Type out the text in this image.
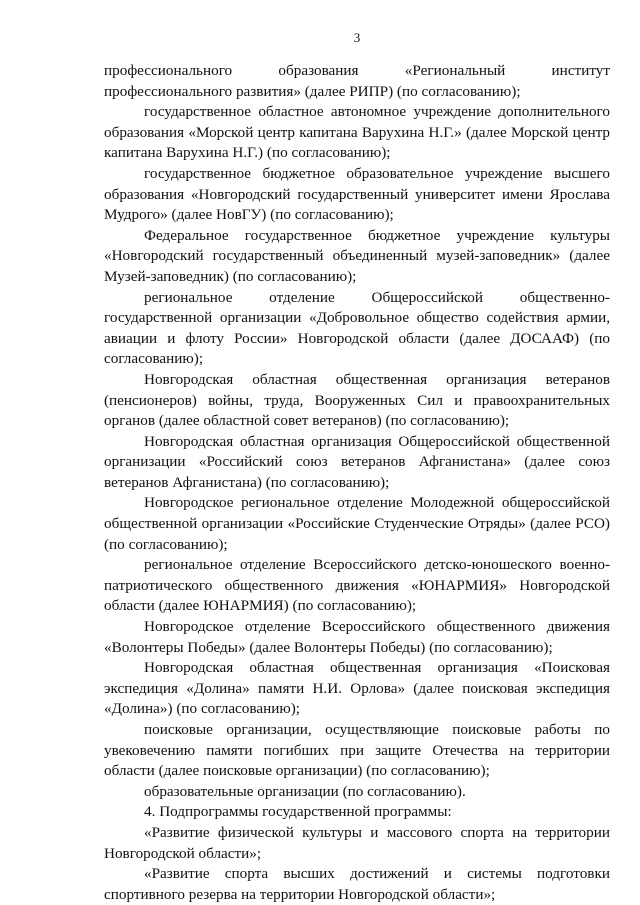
3

профессионального образования «Региональный институт профессионального развития» (далее РИПР) (по согласованию);

государственное областное автономное учреждение дополнительного образования «Морской центр капитана Варухина Н.Г.» (далее Морской центр капитана Варухина Н.Г.) (по согласованию);

государственное бюджетное образовательное учреждение высшего образования «Новгородский государственный университет имени Ярослава Мудрого» (далее НовГУ) (по согласованию);

Федеральное государственное бюджетное учреждение культуры «Новгородский государственный объединенный музей-заповедник» (далее Музей-заповедник) (по согласованию);

региональное отделение Общероссийской общественно-государственной организации «Добровольное общество содействия армии, авиации и флоту России» Новгородской области (далее ДОСААФ) (по согласованию);

Новгородская областная общественная организация ветеранов (пенсионеров) войны, труда, Вооруженных Сил и правоохранительных органов (далее областной совет ветеранов) (по согласованию);

Новгородская областная организация Общероссийской общественной организации «Российский союз ветеранов Афганистана» (далее союз ветеранов Афганистана) (по согласованию);

Новгородское региональное отделение Молодежной общероссийской общественной организации «Российские Студенческие Отряды» (далее РСО) (по согласованию);

региональное отделение Всероссийского детско-юношеского военно-патриотического общественного движения «ЮНАРМИЯ» Новгородской области (далее ЮНАРМИЯ) (по согласованию);

Новгородское отделение Всероссийского общественного движения «Волонтеры Победы» (далее Волонтеры Победы) (по согласованию);

Новгородская областная общественная организация «Поисковая экспедиция «Долина» памяти Н.И. Орлова» (далее поисковая экспедиция «Долина») (по согласованию);

поисковые организации, осуществляющие поисковые работы по увековечению памяти погибших при защите Отечества на территории области (далее поисковые организации) (по согласованию);

образовательные организации (по согласованию).

4. Подпрограммы государственной программы:

«Развитие физической культуры и массового спорта на территории Новгородской области»;

«Развитие спорта высших достижений и системы подготовки спортивного резерва на территории Новгородской области»;
